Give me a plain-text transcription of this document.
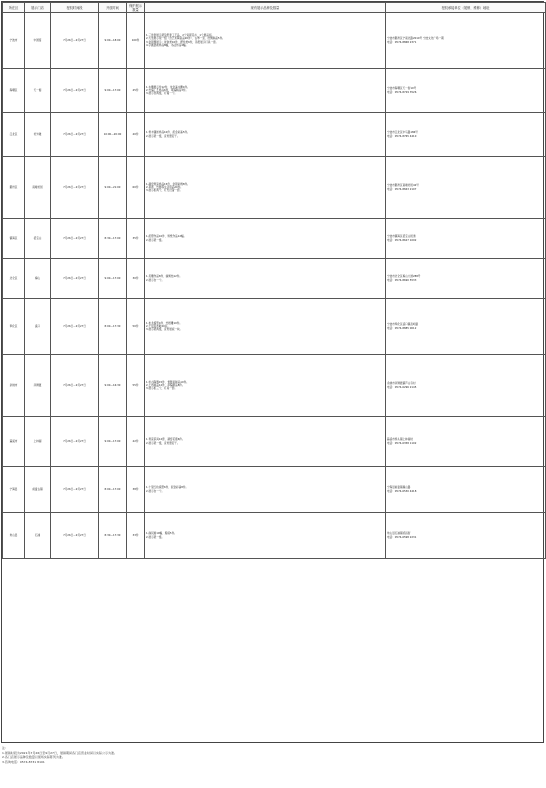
所在区	展示门店	授权时间段	开放时间	保护展示数量	现有展示品种及数量	授权承接单位（展销、维修）地址

宁波市	中国馆	7月26日—9月27日	9:00—18:00	100件	1.三件套展示架及配套工艺品、2个景观花卉、1个展品柜。
2.大型展示架一组（含艺术陶瓷品20件）、古琴一张、丝绸制品5件。
3.金银器展示：首饰类10件、摆件类6件，另配展示灯具一套。
4.字画装裱样品8幅，书法作品4幅。	宁波市鄞州区宁南北路2010号 宁波文化广场一期
电话：0574-8868 2371

海曙区	天一阁	7月26日—9月27日	9:00—17:00	45件	1.木雕展示件12件、朱金漆木雕4件。
2.竹编工艺样品6件、草编制品3件。
3.展示台两组，灯箱一个。	宁波市海曙区天一街10号
电话：0574-8729 3526

江北区	老外滩	7月26日—9月27日	10:00—20:00	40件	1.骨木镶嵌样品10件、泥金彩漆5件。
2.展示架一组，宣传册若干。	宁波市江北区中马路186号
电话：0574-8765 4410

鄞州区	南塘老街	7月26日—9月27日	9:00—21:00	60件	1.越窑青瓷样品15件、金银彩绣8件。
2.草席、竹器等生活用品20件。
3.展示柜两个，灯光设备一套。	宁波市鄞州区南塘老街42号
电话：0574-8843 2107

镇海区	招宝山	7月26日—9月27日	8:30—17:00	35件	1.泥塑作品10件、剪纸作品12幅。
2.展示架一组。	宁波市镇海区招宝山街道
电话：0574-8627 1092

北仑区	梅山	7月26日—9月27日	9:00—17:00	30件	1.贝雕作品8件、渔绳结12件。
2.展示台一个。	宁波市北仑区梅山大道288号
电话：0574-8690 5533

奉化区	溪口	7月26日—9月27日	8:00—17:30	50件	1.布龙模型4件、竹根雕10件。
2.千层底布鞋20双。
3.展示架两组，宣传展板一块。	宁波市奉化区溪口镇武岭路
电话：0574-8885 0012

余姚市	河姆渡	7月26日—9月27日	9:00—16:30	55件	1.仿古陶器15件、骨器复制品10件。
2.土布制品12件、草编制品8件。
3.展示柜三个，灯具一套。	余姚市河姆渡镇芦山寺村
电话：0574-6296 2145

慈溪市	上林湖	7月26日—9月27日	9:00—17:00	42件	1.青瓷茶具12套、越窑花瓶6件。
2.展示架一组，宣传册若干。	慈溪市桥头镇上林湖村
电话：0574-6358 1102

宁海县	前童古镇	7月26日—9月27日	8:00—17:00	38件	1.十里红妆模型6件、泥金彩漆8件。
2.展示台一个。	宁海县前童镇鹿山路
电话：0574-6530 4418

象山县	石浦	7月26日—9月27日	8:30—17:30	33件	1.渔民画10幅、船模5件。
2.展示架一组。	象山县石浦镇延昌街
电话：0574-6598 2231
注：
1.展销时段为2021年7月26日至9月27日，展销期间各门店营业时间以实际公示为准。
2.各门店展示品种及数量以现场实际陈列为准。
3.咨询电话：0574-8731 8101
